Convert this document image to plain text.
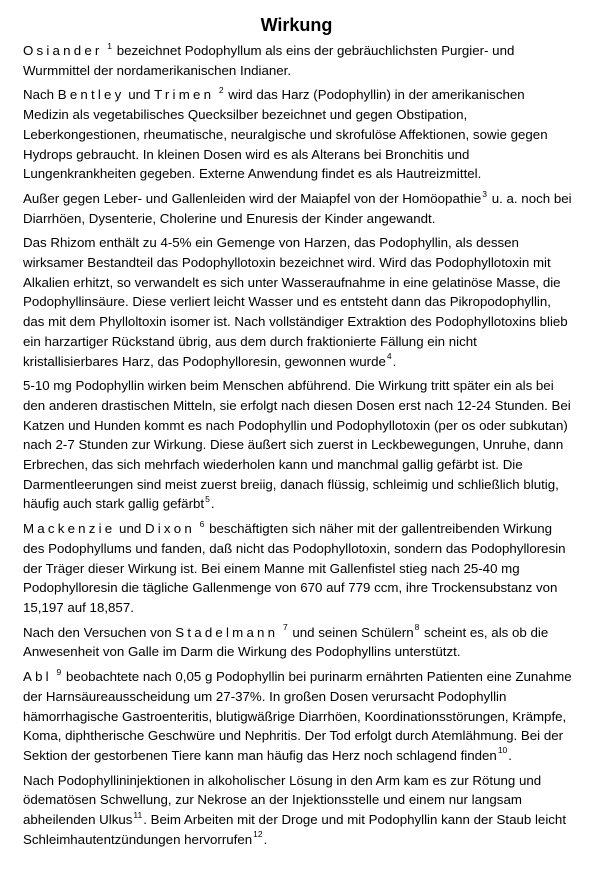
Wirkung

Osiander $^1$ bezeichnet Podophyllum als eins der gebräuchlichsten Purgier- und Wurmmittel der nordamerikanischen Indianer.

Nach Bentley und Trimen $^2$ wird das Harz (Podophyllin) in der amerikanischen Medizin als vegetabilisches Quecksilber bezeichnet und gegen Obstipation, Leberkongestionen, rheumatische, neuralgische und skrofulöse Affektionen, sowie gegen Hydrops gebraucht. In kleinen Dosen wird es als Alterans bei Bronchitis und Lungenkrankheiten gegeben. Externe Anwendung findet es als Hautreizmittel.

Außer gegen Leber- und Gallenleiden wird der Maiapfel von der Homöopathie$^3$ u. a. noch bei Diarrhöen, Dysenterie, Cholerine und Enuresis der Kinder angewandt.

Das Rhizom enthält zu 4-5% ein Gemenge von Harzen, das Podophyllin, als dessen wirksamer Bestandteil das Podophyllotoxin bezeichnet wird. Wird das Podophyllotoxin mit Alkalien erhitzt, so verwandelt es sich unter Wasseraufnahme in eine gelatinöse Masse, die Podophyllinsäure. Diese verliert leicht Wasser und es entsteht dann das Pikropodophyllin, das mit dem Phylloltoxin isomer ist. Nach vollständiger Extraktion des Podophyllotoxins blieb ein harzartiger Rückstand übrig, aus dem durch fraktionierte Fällung ein nicht kristallisierbares Harz, das Podophylloresin, gewonnen wurde$^4$.

5-10 mg Podophyllin wirken beim Menschen abführend. Die Wirkung tritt später ein als bei den anderen drastischen Mitteln, sie erfolgt nach diesen Dosen erst nach 12-24 Stunden. Bei Katzen und Hunden kommt es nach Podophyllin und Podophyllotoxin (per os oder subkutan) nach 2-7 Stunden zur Wirkung. Diese äußert sich zuerst in Leckbewegungen, Unruhe, dann Erbrechen, das sich mehrfach wiederholen kann und manchmal gallig gefärbt ist. Die Darmentleerungen sind meist zuerst breiig, danach flüssig, schleimig und schließlich blutig, häufig auch stark gallig gefärbt$^5$.

Mackenzie und Dixon $^6$ beschäftigten sich näher mit der gallentreibenden Wirkung des Podophyllums und fanden, daß nicht das Podophyllotoxin, sondern das Podophylloresin der Träger dieser Wirkung ist. Bei einem Manne mit Gallenfistel stieg nach 25-40 mg Podophylloresin die tägliche Gallenmenge von 670 auf 779 ccm, ihre Trockensubstanz von 15,197 auf 18,857.

Nach den Versuchen von Stadelmann $^7$ und seinen Schülern$^8$ scheint es, als ob die Anwesenheit von Galle im Darm die Wirkung des Podophyllins unterstützt.

Abl $^9$ beobachtete nach 0,05 g Podophyllin bei purinarm ernährten Patienten eine Zunahme der Harnsäureausscheidung um 27-37%. In großen Dosen verursacht Podophyllin hämorrhagische Gastroenteritis, blutigwäßrige Diarrhöen, Koordinationsstörungen, Krämpfe, Koma, diphtherische Geschwüre und Nephritis. Der Tod erfolgt durch Atemlähmung. Bei der Sektion der gestorbenen Tiere kann man häufig das Herz noch schlagend finden$^{10}$.

Nach Podophyllininjektionen in alkoholischer Lösung in den Arm kam es zur Rötung und ödematösen Schwellung, zur Nekrose an der Injektionsstelle und einem nur langsam abheilenden Ulkus$^{11}$. Beim Arbeiten mit der Droge und mit Podophyllin kann der Staub leicht Schleimhautentzündungen hervorrufen$^{12}$.
